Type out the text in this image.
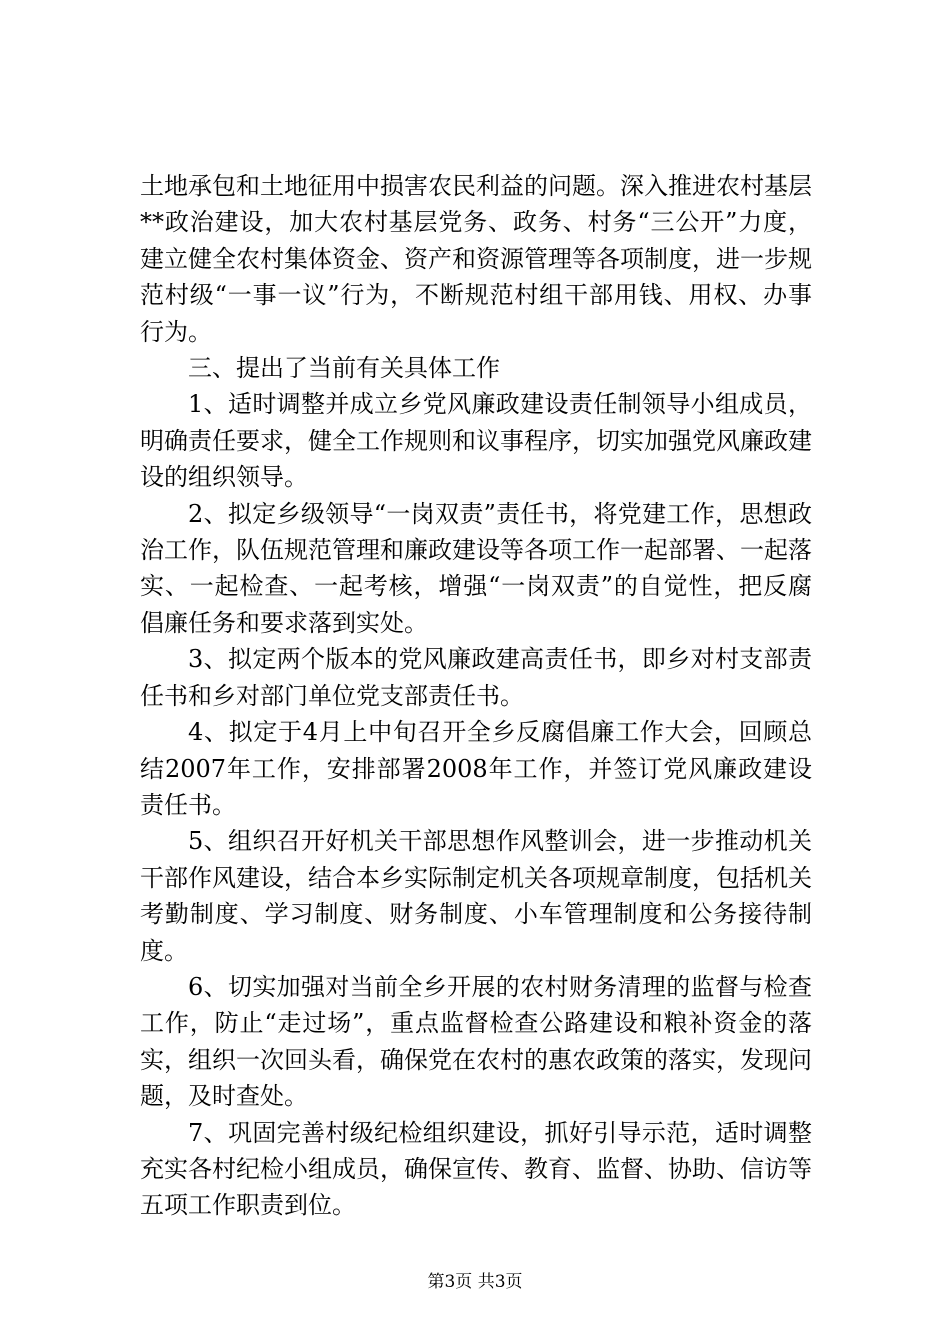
土地承包和土地征用中损害农民利益的问题。深入推进农村基层**政治建设，加大农村基层党务、政务、村务“三公开”力度，建立健全农村集体资金、资产和资源管理等各项制度，进一步规范村级“一事一议”行为，不断规范村组干部用钱、用权、办事行为。

三、提出了当前有关具体工作

1、适时调整并成立乡党风廉政建设责任制领导小组成员，明确责任要求，健全工作规则和议事程序，切实加强党风廉政建设的组织领导。

2、拟定乡级领导“一岗双责”责任书，将党建工作，思想政治工作，队伍规范管理和廉政建设等各项工作一起部署、一起落实、一起检查、一起考核，增强“一岗双责”的自觉性，把反腐倡廉任务和要求落到实处。

3、拟定两个版本的党风廉政建高责任书，即乡对村支部责任书和乡对部门单位党支部责任书。

4、拟定于4月上中旬召开全乡反腐倡廉工作大会，回顾总结2007年工作，安排部署2008年工作，并签订党风廉政建设责任书。

5、组织召开好机关干部思想作风整训会，进一步推动机关干部作风建设，结合本乡实际制定机关各项规章制度，包括机关考勤制度、学习制度、财务制度、小车管理制度和公务接待制度。

6、切实加强对当前全乡开展的农村财务清理的监督与检查工作，防止“走过场”，重点监督检查公路建设和粮补资金的落实，组织一次回头看，确保党在农村的惠农政策的落实，发现问题，及时查处。

7、巩固完善村级纪检组织建设，抓好引导示范，适时调整充实各村纪检小组成员，确保宣传、教育、监督、协助、信访等五项工作职责到位。

第3页 共3页
